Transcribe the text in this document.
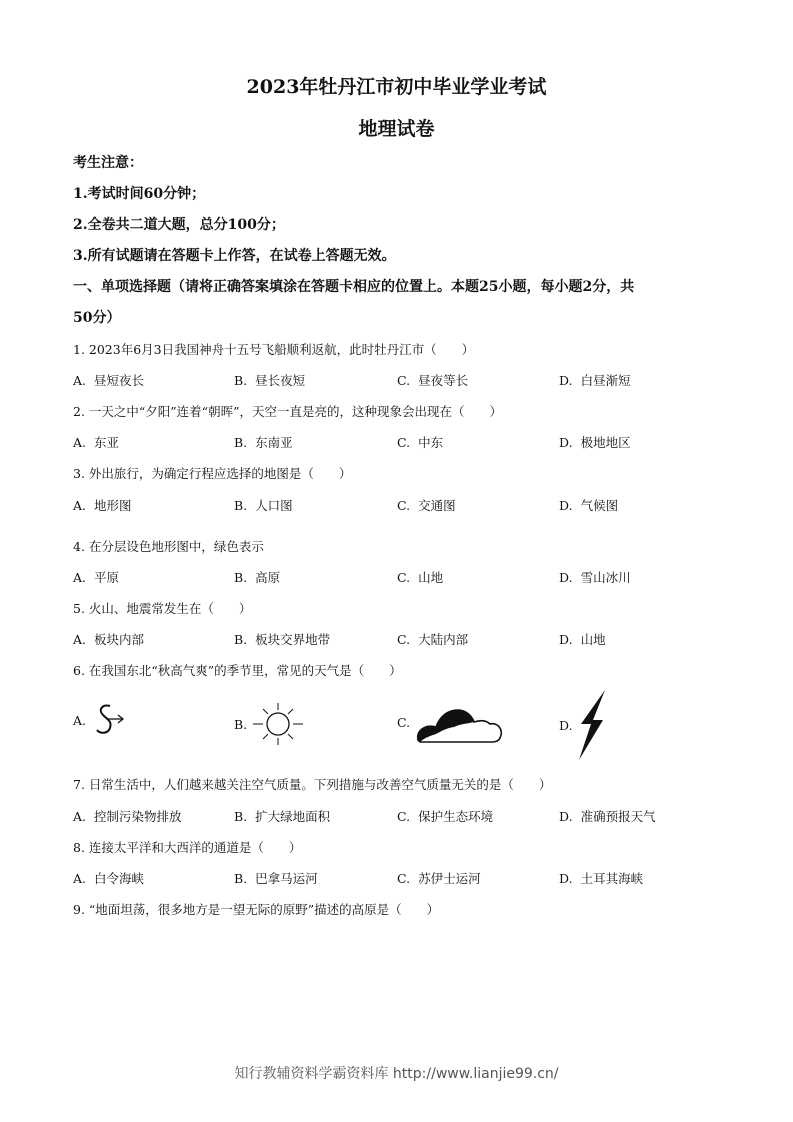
2023年牡丹江市初中毕业学业考试
地理试卷
考生注意：
1.考试时间60分钟；
2.全卷共二道大题，总分100分；
3.所有试题请在答题卡上作答，在试卷上答题无效。
一、单项选择题（请将正确答案填涂在答题卡相应的位置上。本题25小题，每小题2分，共
50分）
1. 2023年6月3日我国神舟十五号飞船顺利返航，此时牡丹江市（　　）
A. 昼短夜长	B. 昼长夜短	C. 昼夜等长	D. 白昼渐短
2. 一天之中“夕阳”连着“朝晖”，天空一直是亮的，这种现象会出现在（　　）
A. 东亚	B. 东南亚	C. 中东	D. 极地地区
3. 外出旅行，为确定行程应选择的地图是（　　）
A. 地形图	B. 人口图	C. 交通图	D. 气候图
4. 在分层设色地形图中，绿色表示
A. 平原	B. 高原	C. 山地	D. 雪山冰川
5. 火山、地震常发生在（　　）
A. 板块内部	B. 板块交界地带	C. 大陆内部	D. 山地
6. 在我国东北“秋高气爽”的季节里，常见的天气是（　　）
A.	B.	C.	D.
7. 日常生活中，人们越来越关注空气质量。下列措施与改善空气质量无关的是（　　）
A. 控制污染物排放	B. 扩大绿地面积	C. 保护生态环境	D. 准确预报天气
8. 连接太平洋和大西洋的通道是（　　）
A. 白令海峡	B. 巴拿马运河	C. 苏伊士运河	D. 土耳其海峡
9. “地面坦荡，很多地方是一望无际的原野”描述的高原是（　　）
知行教辅资料学霸资料库 http://www.lianjie99.cn/
